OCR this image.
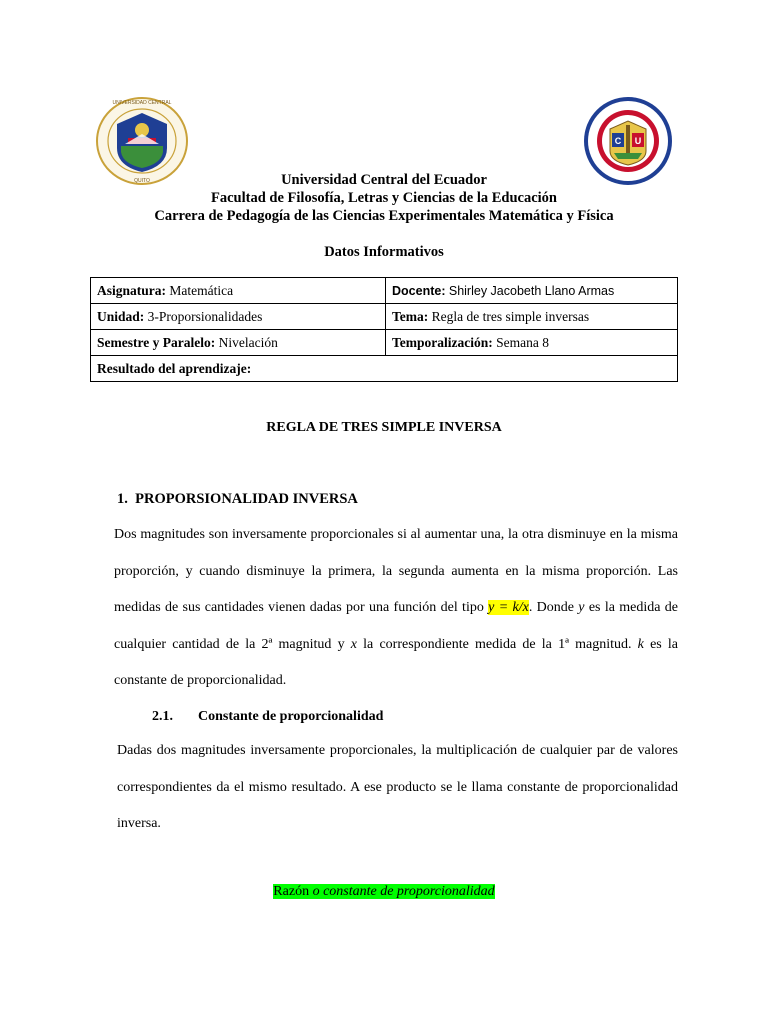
UNIVERSIDAD CENTRAL
QUITO
C U
Universidad Central del Ecuador
Facultad de Filosofía, Letras y Ciencias de la Educación
Carrera de Pedagogía de las Ciencias Experimentales Matemática y Física
Datos Informativos
Asignatura: Matemática	Docente: Shirley Jacobeth Llano Armas
Unidad: 3-Proporsionalidades	Tema: Regla de tres simple inversas
Semestre y Paralelo: Nivelación	Temporalización: Semana 8
Resultado del aprendizaje:	
REGLA DE TRES SIMPLE INVERSA
1. PROPORSIONALIDAD INVERSA
Dos magnitudes son inversamente proporcionales si al aumentar una, la otra disminuye en la misma proporción, y cuando disminuye la primera, la segunda aumenta en la misma proporción. Las medidas de sus cantidades vienen dadas por una función del tipo y = k/x. Donde y es la medida de cualquier cantidad de la 2ª magnitud y x la correspondiente medida de la 1ª magnitud. k es la constante de proporcionalidad.
2.1. Constante de proporcionalidad
Dadas dos magnitudes inversamente proporcionales, la multiplicación de cualquier par de valores correspondientes da el mismo resultado. A ese producto se le llama constante de proporcionalidad inversa.
Razón o constante de proporcionalidad
